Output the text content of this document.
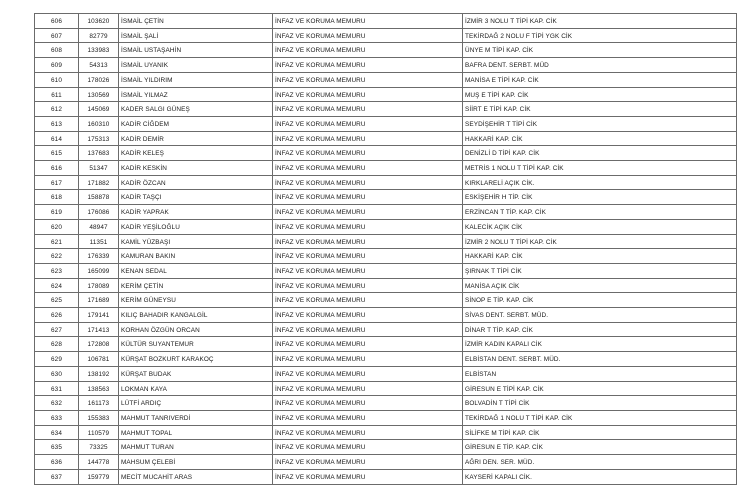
606	103620	İSMAİL ÇETİN	İNFAZ VE KORUMA MEMURU	İZMİR 3 NOLU T TİPİ KAP. CİK
607	82779	İSMAİL ŞALİ	İNFAZ VE KORUMA MEMURU	TEKİRDAĞ 2 NOLU F TİPİ YGK CİK
608	133983	İSMAİL USTAŞAHİN	İNFAZ VE KORUMA MEMURU	ÜNYE M TİPİ KAP. CİK
609	54313	İSMAİL UYANIK	İNFAZ VE KORUMA MEMURU	BAFRA DENT. SERBT. MÜD
610	178026	İSMAİL YILDIRIM	İNFAZ VE KORUMA MEMURU	MANİSA E TİPİ KAP. CİK
611	130569	İSMAİL YILMAZ	İNFAZ VE KORUMA MEMURU	MUŞ E TİPİ KAP. CİK
612	145069	KADER SALGI GÜNEŞ	İNFAZ VE KORUMA MEMURU	SİİRT E TİPİ KAP. CİK
613	160310	KADİR CİĞDEM	İNFAZ VE KORUMA MEMURU	SEYDİŞEHİR T TİPİ CİK
614	175313	KADİR DEMİR	İNFAZ VE KORUMA MEMURU	HAKKARİ KAP. CİK
615	137683	KADİR KELEŞ	İNFAZ VE KORUMA MEMURU	DENİZLİ D TİPİ KAP. CİK
616	51347	KADİR KESKİN	İNFAZ VE KORUMA MEMURU	METRİS 1 NOLU T TİPİ KAP. CİK
617	171882	KADİR ÖZCAN	İNFAZ VE KORUMA MEMURU	KIRKLARELİ AÇIK CİK.
618	158878	KADİR TAŞÇI	İNFAZ VE KORUMA MEMURU	ESKİŞEHİR H TİP. CİK
619	176086	KADİR YAPRAK	İNFAZ VE KORUMA MEMURU	ERZİNCAN T TİP. KAP. CİK
620	48947	KADİR YEŞİLOĞLU	İNFAZ VE KORUMA MEMURU	KALECİK AÇIK CİK
621	11351	KAMİL YÜZBAŞI	İNFAZ VE KORUMA MEMURU	İZMİR 2 NOLU T TİPİ KAP. CİK
622	176339	KAMURAN BAKIN	İNFAZ VE KORUMA MEMURU	HAKKARİ KAP. CİK
623	165099	KENAN SEDAL	İNFAZ VE KORUMA MEMURU	ŞIRNAK T TİPİ CİK
624	178089	KERİM ÇETİN	İNFAZ VE KORUMA MEMURU	MANİSA AÇIK CİK
625	171689	KERİM GÜNEYSU	İNFAZ VE KORUMA MEMURU	SİNOP E TİP. KAP. CİK
626	179141	KILIÇ BAHADIR KANGALGİL	İNFAZ VE KORUMA MEMURU	SİVAS DENT. SERBT. MÜD.
627	171413	KORHAN ÖZGÜN ORCAN	İNFAZ VE KORUMA MEMURU	DİNAR T TİP. KAP. CİK
628	172808	KÜLTÜR SUYANTEMUR	İNFAZ VE KORUMA MEMURU	İZMİR KADIN KAPALI CİK
629	106781	KÜRŞAT BOZKURT KARAKOÇ	İNFAZ VE KORUMA MEMURU	ELBİSTAN DENT. SERBT. MÜD.
630	138192	KÜRŞAT BUDAK	İNFAZ VE KORUMA MEMURU	ELBİSTAN
631	138563	LOKMAN KAYA	İNFAZ VE KORUMA MEMURU	GİRESUN E TİPİ KAP. CİK
632	161173	LÜTFİ ARDIÇ	İNFAZ VE KORUMA MEMURU	BOLVADİN T TİPİ CİK
633	155383	MAHMUT TANRIVERDİ	İNFAZ VE KORUMA MEMURU	TEKİRDAĞ 1 NOLU T TİPİ KAP. CİK
634	110579	MAHMUT TOPAL	İNFAZ VE KORUMA MEMURU	SİLİFKE M TİPİ KAP. CİK
635	73325	MAHMUT TURAN	İNFAZ VE KORUMA MEMURU	GİRESUN E TİP. KAP. CİK
636	144778	MAHSUM ÇELEBİ	İNFAZ VE KORUMA MEMURU	AĞRI DEN. SER. MÜD.
637	159779	MECİT MUCAHİT ARAS	İNFAZ VE KORUMA MEMURU	KAYSERİ KAPALI CİK.
